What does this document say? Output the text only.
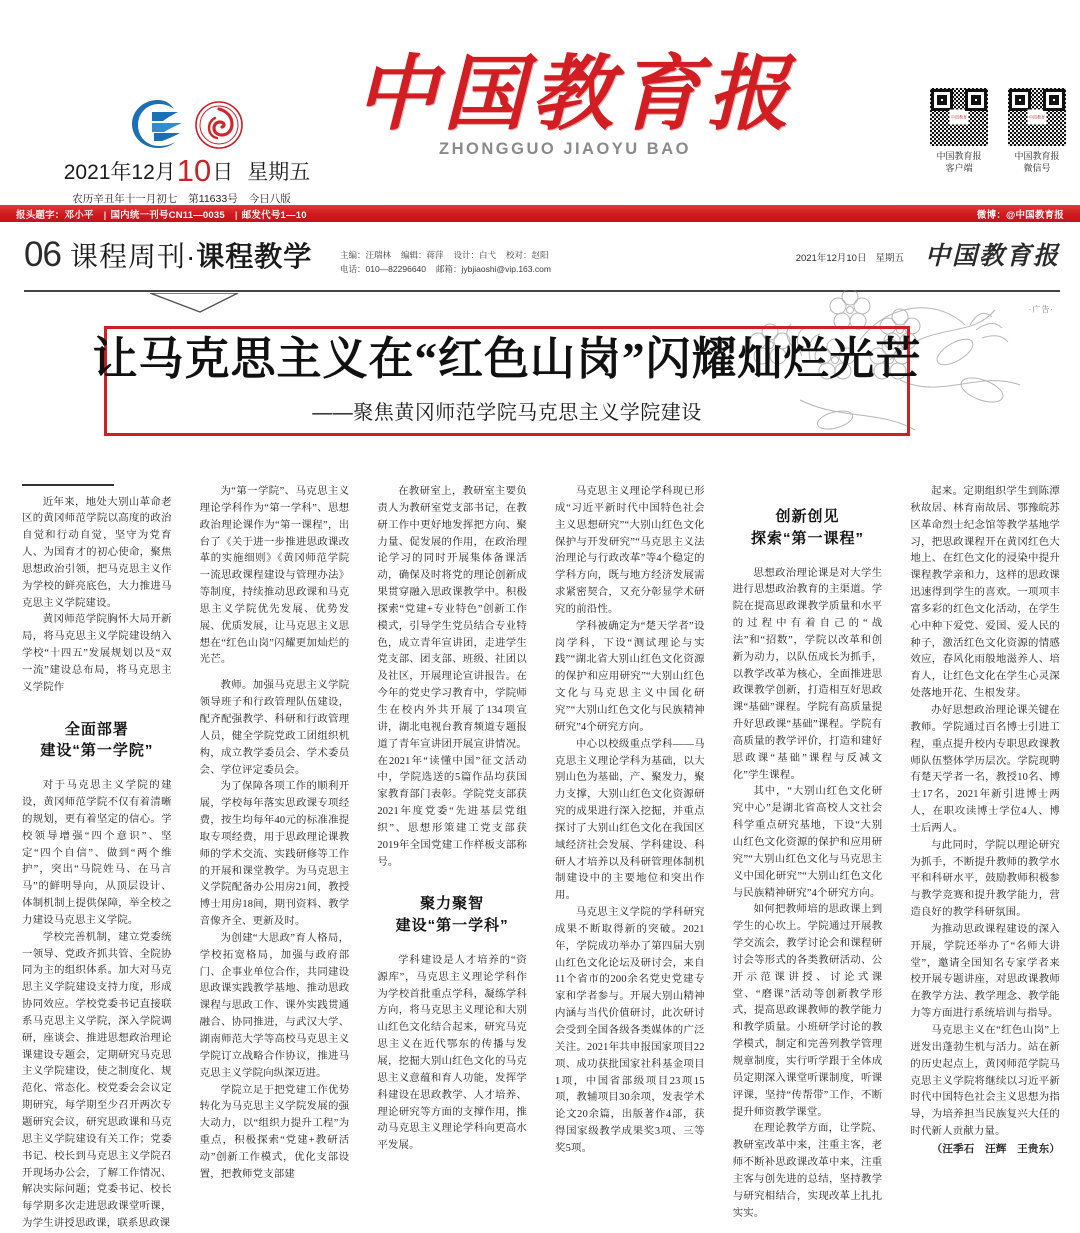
2021年12月10日 星期五
农历辛丑年十一月初七 第11633号 今日八版
中国教育报
ZHONGGUO JIAOYU BAO
中国教育
中国教育报
客户端
中国教育
中国教育报
微信号
报头题字：邓小平 | 国内统一刊号CN11—0035 | 邮发代号1—10	微博：@中国教育报
06 课程周刊·课程教学	主编：汪瑞林 编辑：蒋萍 设计：白弋 校对：赵阳
电话：010—82296640 邮箱：jybjiaoshi@vip.163.com
2021年12月10日 星期五 中国教育报
·广告·
让马克思主义在“红色山岗”闪耀灿烂光芒
——聚焦黄冈师范学院马克思主义学院建设

近年来，地处大别山革命老区的黄冈师范学院以高度的政治自觉和行动自觉，坚守为党育人、为国育才的初心使命，聚焦思想政治引领，把马克思主义作为学校的鲜亮底色，大力推进马克思主义学院建设。

黄冈师范学院胸怀大局开新局，将马克思主义学院建设纳入学校“十四五”发展规划以及“双一流”建设总布局，将马克思主义学院作

全面部署
建设“第一学院”

对于马克思主义学院的建设，黄冈师范学院不仅有着清晰的规划，更有着坚定的信心。学校领导增强“四个意识”、坚定“四个自信”、做到“两个维护”，突出“马院姓马、在马言马”的鲜明导向，从顶层设计、体制机制上提供保障，举全校之力建设马克思主义学院。

学校完善机制，建立党委统一领导、党政齐抓共管、全院协同为主的组织体系。加大对马克思主义学院建设支持力度，形成协同效应。学校党委书记直接联系马克思主义学院，深入学院调研，座谈会、推进思想政治理论课建设专题会，定期研究马克思主义学院建设，使之制度化、规范化、常态化。校党委会会议定期研究，每学期至少召开两次专题研究会议，研究思政课和马克思主义学院建设有关工作；党委书记、校长到马克思主义学院召开现场办公会，了解工作情况、解决实际问题；党委书记、校长每学期多次走进思政课堂听课，为学生讲授思政课，联系思政课

为“第一学院”、马克思主义理论学科作为“第一学科”、思想政治理论课作为“第一课程”，出台了《关于进一步推进思政课改革的实施细则》《黄冈师范学院一流思政课程建设与管理办法》等制度，持续推动思政课和马克思主义学院优先发展、优势发展、优质发展，让马克思主义思想在“红色山岗”闪耀更加灿烂的光芒。

教师。加强马克思主义学院领导班子和行政管理队伍建设，配齐配强教学、科研和行政管理人员，健全学院党政工团组织机构，成立教学委员会、学术委员会、学位评定委员会。

为了保障各项工作的顺利开展，学校每年落实思政课专项经费，按生均每年40元的标准准提取专项经费，用于思政理论课教师的学术交流、实践研修等工作的开展和课堂教学。为马克思主义学院配备办公用房21间，教授博士用房18间，期刊资料、教学音像齐全、更新及时。

为创建“大思政”育人格局，学校拓宽格局，加强与政府部门、企事业单位合作，共同建设思政课实践教学基地、推动思政课程与思政工作、课外实践贯通融合、协同推进，与武汉大学、湖南师范大学等高校马克思主义学院订立战略合作协议，推进马克思主义学院向纵深迈进。

学院立足于把党建工作优势转化为马克思主义学院发展的强大动力，以“组织力提升工程”为重点，积极探索“党建+教研活动”创新工作模式，优化支部设置，把教师党支部建

在教研室上，教研室主要负责人为教研室党支部书记，在教研工作中更好地发挥把方向、聚力量、促发展的作用，在政治理论学习的同时开展集体备课活动，确保及时将党的理论创新成果贯穿融入思政课教学中。积极探索“党建+专业特色”创新工作模式，引导学生党员结合专业特色，成立青年宣讲团，走进学生党支部、团支部、班级、社团以及社区，开展理论宣讲报告。在今年的党史学习教育中，学院师生在校内外共开展了134项宣讲，湖北电视台教育频道专题报道了青年宣讲团开展宣讲情况。在2021年“读懂中国”征文活动中，学院选送的5篇作品均获国家教育部门表彰。学院党支部获2021年度党委“先进基层党组织”、思想形策建工党支部获2019年全国党建工作样板支部称号。

聚力聚智
建设“第一学科”

学科建设是人才培养的“资源库”，马克思主义理论学科作为学校首批重点学科，凝练学科方向，将马克思主义理论和大别山红色文化结合起来，研究马克思主义在近代鄂东的传播与发展，挖掘大别山红色文化的马克思主义意蕴和育人功能，发挥学科建设在思政教学、人才培养、理论研究等方面的支撑作用，推动马克思主义理论学科向更高水平发展。

马克思主义理论学科现已形成“习近平新时代中国特色社会主义思想研究”“大别山红色文化保护与开发研究”“马克思主义法治理论与行政改革”等4个稳定的学科方向，既与地方经济发展需求紧密契合，又充分彰显学术研究的前沿性。

学科被确定为“楚天学者”设岗学科，下设“测试理论与实践”“湖北省大别山红色文化资源的保护和应用研究”“大别山红色文化与马克思主义中国化研究”“大别山红色文化与民族精神研究”4个研究方向。

中心以校级重点学科——马克思主义理论学科为基础，以大别山色为基础，产、聚发力，聚力支撑，大别山红色文化资源研究的成果进行深入挖掘，并重点探讨了大别山红色文化在我国区域经济社会发展、学科建设、科研人才培养以及科研管理体制机制建设中的主要地位和突出作用。

马克思主义学院的学科研究成果不断取得新的突破。2021年，学院成功举办了第四届大别山红色文化论坛及研讨会，来自11个省市的200余名党史党建专家和学者参与。开展大别山精神内涵与当代价值研讨，此次研讨会受到全国各级各类媒体的广泛关注。2021年共申报国家项目22项、成功获批国家社科基金项目1项，中国省部级项目23项15项，教辅项目30余项，发表学术论文20余篇，出版著作4部，获得国家级教学成果奖3项、三等奖5项。

创新创见
探索“第一课程”

思想政治理论课是对大学生进行思想政治教育的主渠道。学院在提高思政课教学质量和水平的过程中有着自己的“战法”和“招数”，学院以改革和创新为动力，以队伍成长为抓手，以教学改革为核心，全面推进思政课教学创新，打造相互好思政课“基础”课程。学院有高质量提升好思政课“基础”课程。学院有高质量的教学评价，打造和建好思政课“基础”课程与反减文化”学生课程。

其中，“大别山红色文化研究中心”是湖北省高校人文社会科学重点研究基地，下设“大别山红色文化资源的保护和应用研究”“大别山红色文化与马克思主义中国化研究”“大别山红色文化与民族精神研究”4个研究方向。

如何把教师培的思政课上到学生的心坎上。学院通过开展教学交流会，教学讨论会和课程研讨会等形式的各类教研活动、公开示范课讲授、讨论式课堂、“磨课”活动等创新教学形式，提高思政课教师的教学能力和教学质量。小班研学讨论的教学模式，制定和完善列教学管理规章制度，实行听学跟于全体成员定期深入课堂听课制度，听课评课，坚持“传帮带”工作，不断提升师资教学课堂。

在理论教学方面，让学院、教研室改革中来，注重主客，老师不断补思政课改革中来，注重主客与创先进的总结，坚持教学与研究相结合，实现改革上扎扎实实。

起来。定期组织学生到陈潭秋故居、林育南故居、鄂豫皖苏区革命烈士纪念馆等教学基地学习，把思政课程开在黄冈红色大地上、在红色文化的浸染中提升课程教学亲和力，这样的思政课迅速得到学生的喜欢。一项项丰富多彩的红色文化活动，在学生心中种下爱党、爱国、爱人民的种子，激活红色文化资源的情感效应，春风化雨般地滋养人、培育人，让红色文化在学生心灵深处落地开花、生根发芽。

办好思想政治理论课关键在教师。学院通过百名博士引进工程，重点提升校内专职思政课教师队伍整体学历层次。学院现聘有楚天学者一名，教授10名、博士17名，2021年新引进博士两人，在职攻读博士学位4人、博士后两人。

与此同时，学院以理论研究为抓手，不断提升教师的教学水平和科研水平，鼓励教师积极参与教学竞赛和提升教学能力，营造良好的教学科研氛围。

为推动思政课程建设的深入开展，学院还举办了“名师大讲堂”，邀请全国知名专家学者来校开展专题讲座，对思政课教师在教学方法、教学理念、教学能力等方面进行系统培训与指导。

马克思主义在“红色山岗”上迸发出蓬勃生机与活力。站在新的历史起点上，黄冈师范学院马克思主义学院将继续以习近平新时代中国特色社会主义思想为指导，为培养担当民族复兴大任的时代新人贡献力量。

（汪季石　汪辉　王贵东）
